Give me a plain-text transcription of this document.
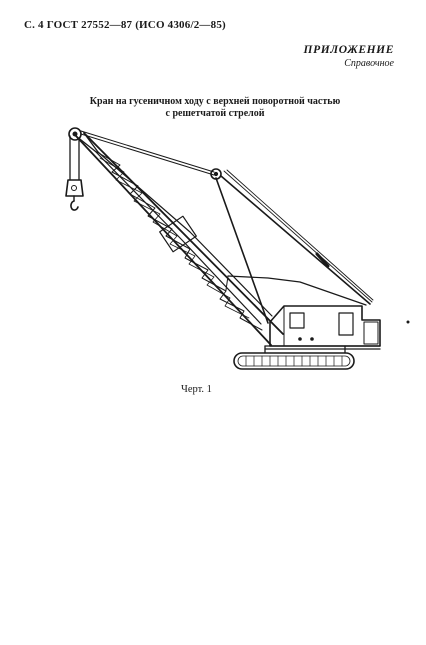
С. 4 ГОСТ 27552—87 (ИСО 4306/2—85)
ПРИЛОЖЕНИЕ
Справочное
Кран на гусеничном ходу с верхней поворотной частью
с решетчатой стрелой
Черт. 1
